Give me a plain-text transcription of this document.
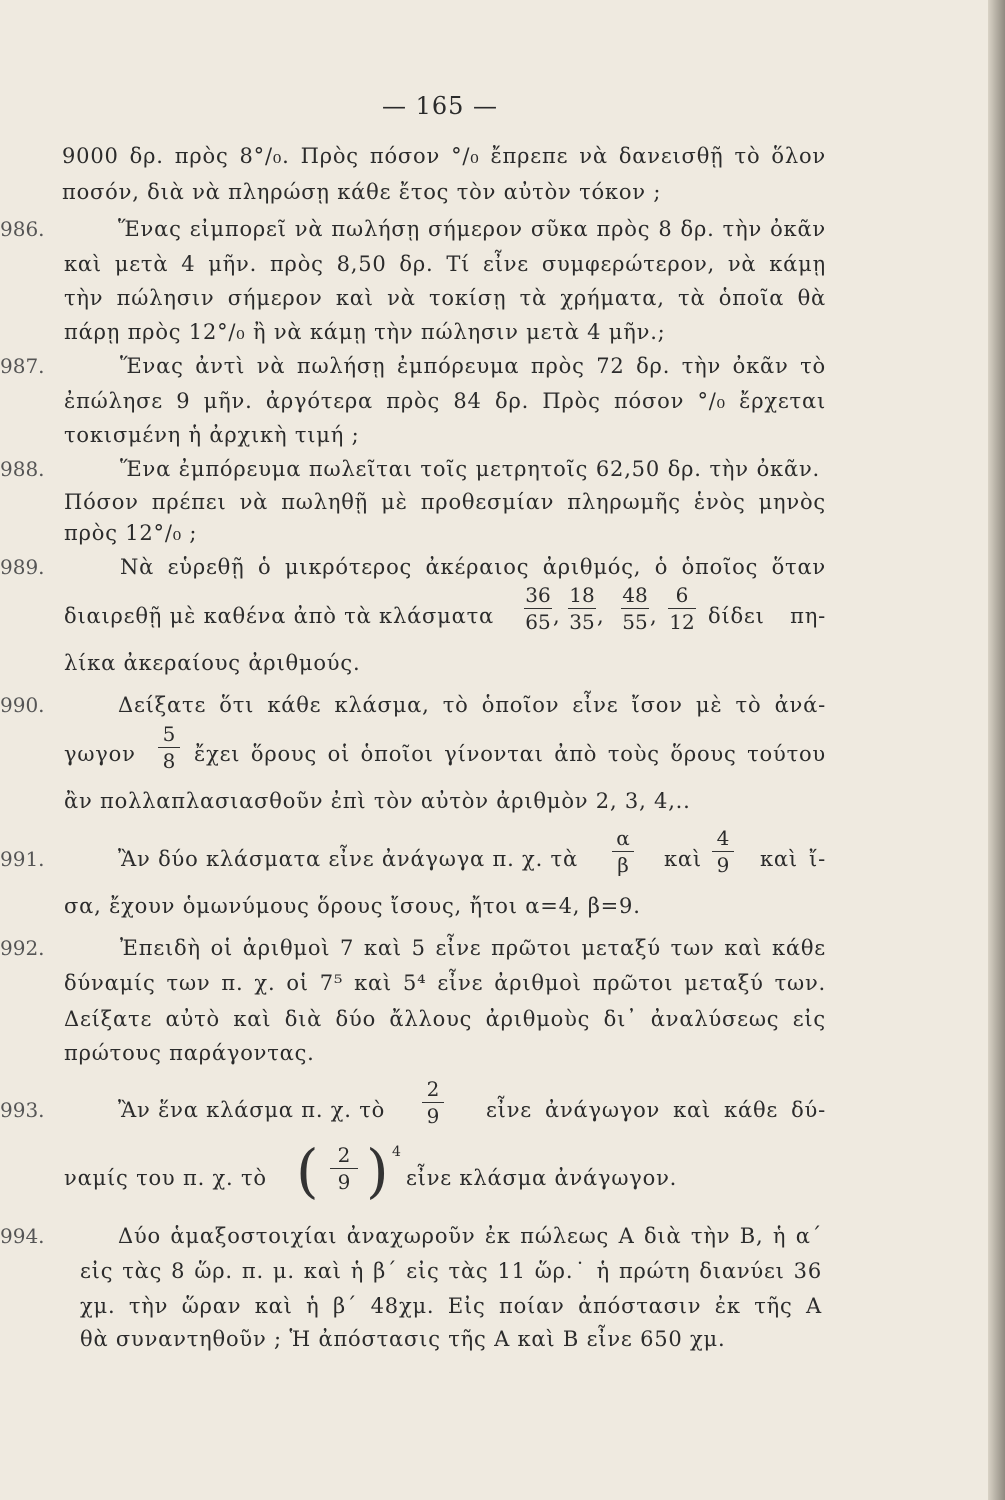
— 165 —
9000 δρ. πρὸς 8°/₀. Πρὸς πόσον °/₀ ἔπρεπε νὰ δανεισθῇ τὸ ὅλον
ποσόν, διὰ νὰ πληρώσῃ κάθε ἔτος τὸν αὐτὸν τόκον ;
986.	Ἕνας εἰμπορεῖ νὰ πωλήσῃ σήμερον σῦκα πρὸς 8 δρ. τὴν ὀκᾶν
καὶ μετὰ 4 μῆν. πρὸς 8,50 δρ. Τί εἶνε συμφερώτερον, νὰ κάμῃ
τὴν πώλησιν σήμερον καὶ νὰ τοκίσῃ τὰ χρήματα, τὰ ὁποῖα θὰ
πάρῃ πρὸς 12°/₀ ἢ νὰ κάμῃ τὴν πώλησιν μετὰ 4 μῆν.;
987.	Ἕνας ἀντὶ νὰ πωλήσῃ ἐμπόρευμα πρὸς 72 δρ. τὴν ὀκᾶν τὸ
ἐπώλησε 9 μῆν. ἀργότερα πρὸς 84 δρ. Πρὸς πόσον °/₀ ἔρχεται
τοκισμένη ἡ ἀρχικὴ τιμή ;
988.	Ἕνα ἐμπόρευμα πωλεῖται τοῖς μετρητοῖς 62,50 δρ. τὴν ὀκᾶν.
Πόσον πρέπει νὰ πωληθῇ μὲ προθεσμίαν πληρωμῆς ἑνὸς μηνὸς
πρὸς 12°/₀ ;
989.	Νὰ εὑρεθῇ ὁ μικρότερος ἀκέραιος ἀριθμός, ὁ ὁποῖος ὅταν
διαιρεθῇ μὲ καθένα ἀπὸ τὰ κλάσματα
36
65 ,
18
35 ,
48
55 ,
6
12 δίδει πη-
λίκα ἀκεραίους ἀριθμούς.
990.	Δείξατε ὅτι κάθε κλάσμα, τὸ ὁποῖον εἶνε ἴσον μὲ τὸ ἀνά-
γωγον
5
8 ἔχει ὅρους οἱ ὁποῖοι γίνονται ἀπὸ τοὺς ὅρους τούτου
ἂν πολλαπλασιασθοῦν ἐπὶ τὸν αὐτὸν ἀριθμὸν 2, 3, 4,..
991.	Ἂν δύο κλάσματα εἶνε ἀνάγωγα π. χ. τὰ
α
β καὶ
4
9 καὶ ἴ-
σα, ἔχουν ὁμωνύμους ὅρους ἴσους, ἤτοι α=4, β=9.
992.	Ἐπειδὴ οἱ ἀριθμοὶ 7 καὶ 5 εἶνε πρῶτοι μεταξύ των καὶ κάθε
δύναμίς των π. χ. οἱ 7⁵ καὶ 5⁴ εἶνε ἀριθμοὶ πρῶτοι μεταξύ των.
Δείξατε αὐτὸ καὶ διὰ δύο ἄλλους ἀριθμοὺς δι᾽ ἀναλύσεως εἰς
πρώτους παράγοντας.
993.	Ἂν ἕνα κλάσμα π. χ. τὸ
2
9 εἶνε ἀνάγωγον καὶ κάθε δύ-
ναμίς του π. χ. τὸ ( 2
9 ) 4
εἶνε κλάσμα ἀνάγωγον.
994.	Δύο ἁμαξοστοιχίαι ἀναχωροῦν ἐκ πώλεως Α διὰ τὴν Β, ἡ α´
εἰς τὰς 8 ὥρ. π. μ. καὶ ἡ β´ εἰς τὰς 11 ὥρ.˙ ἡ πρώτη διανύει 36
χμ. τὴν ὥραν καὶ ἡ β´ 48χμ. Εἰς ποίαν ἀπόστασιν ἐκ τῆς Α
θὰ συναντηθοῦν ; Ἡ ἀπόστασις τῆς Α καὶ Β εἶνε 650 χμ.
